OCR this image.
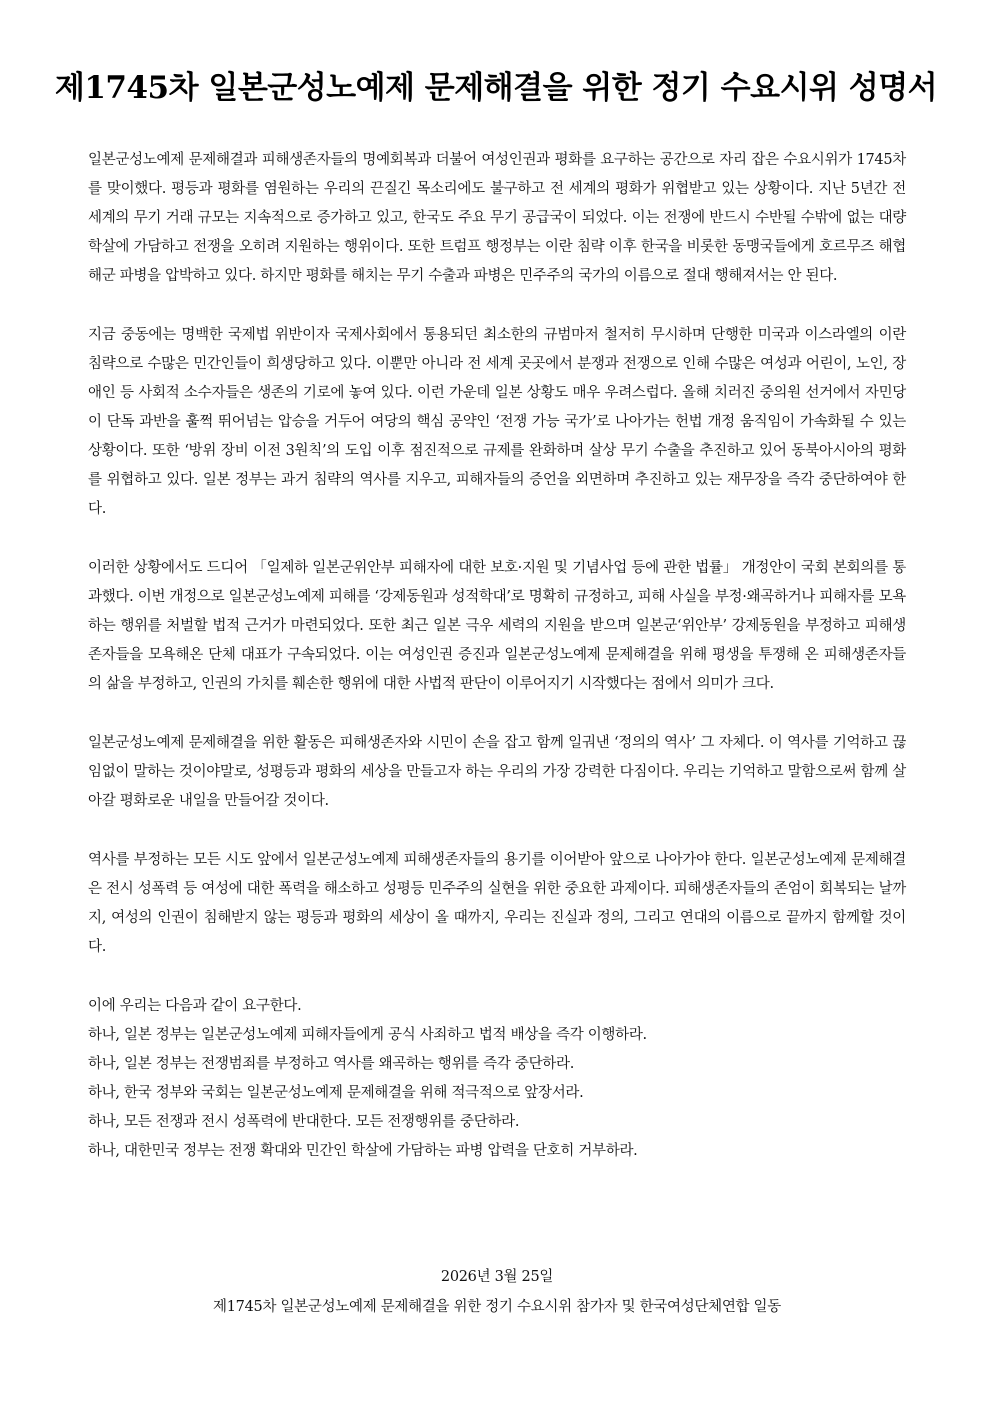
제1745차 일본군성노예제 문제해결을 위한 정기 수요시위 성명서

일본군성노예제 문제해결과 피해생존자들의 명예회복과 더불어 여성인권과 평화를 요구하는 공간으로 자리 잡은 수요시위가 1745차를 맞이했다. 평등과 평화를 염원하는 우리의 끈질긴 목소리에도 불구하고 전 세계의 평화가 위협받고 있는 상황이다. 지난 5년간 전 세계의 무기 거래 규모는 지속적으로 증가하고 있고, 한국도 주요 무기 공급국이 되었다. 이는 전쟁에 반드시 수반될 수밖에 없는 대량 학살에 가담하고 전쟁을 오히려 지원하는 행위이다. 또한 트럼프 행정부는 이란 침략 이후 한국을 비롯한 동맹국들에게 호르무즈 해협 해군 파병을 압박하고 있다. 하지만 평화를 해치는 무기 수출과 파병은 민주주의 국가의 이름으로 절대 행해져서는 안 된다.

지금 중동에는 명백한 국제법 위반이자 국제사회에서 통용되던 최소한의 규범마저 철저히 무시하며 단행한 미국과 이스라엘의 이란 침략으로 수많은 민간인들이 희생당하고 있다. 이뿐만 아니라 전 세계 곳곳에서 분쟁과 전쟁으로 인해 수많은 여성과 어린이, 노인, 장애인 등 사회적 소수자들은 생존의 기로에 놓여 있다. 이런 가운데 일본 상황도 매우 우려스럽다. 올해 치러진 중의원 선거에서 자민당이 단독 과반을 훌쩍 뛰어넘는 압승을 거두어 여당의 핵심 공약인 ‘전쟁 가능 국가’로 나아가는 헌법 개정 움직임이 가속화될 수 있는 상황이다. 또한 ‘방위 장비 이전 3원칙’의 도입 이후 점진적으로 규제를 완화하며 살상 무기 수출을 추진하고 있어 동북아시아의 평화를 위협하고 있다. 일본 정부는 과거 침략의 역사를 지우고, 피해자들의 증언을 외면하며 추진하고 있는 재무장을 즉각 중단하여야 한다.

이러한 상황에서도 드디어 「일제하 일본군위안부 피해자에 대한 보호·지원 및 기념사업 등에 관한 법률」 개정안이 국회 본회의를 통과했다. 이번 개정으로 일본군성노예제 피해를 ‘강제동원과 성적학대’로 명확히 규정하고, 피해 사실을 부정·왜곡하거나 피해자를 모욕하는 행위를 처벌할 법적 근거가 마련되었다. 또한 최근 일본 극우 세력의 지원을 받으며 일본군‘위안부’ 강제동원을 부정하고 피해생존자들을 모욕해온 단체 대표가 구속되었다. 이는 여성인권 증진과 일본군성노예제 문제해결을 위해 평생을 투쟁해 온 피해생존자들의 삶을 부정하고, 인권의 가치를 훼손한 행위에 대한 사법적 판단이 이루어지기 시작했다는 점에서 의미가 크다.

일본군성노예제 문제해결을 위한 활동은 피해생존자와 시민이 손을 잡고 함께 일궈낸 ‘정의의 역사’ 그 자체다. 이 역사를 기억하고 끊임없이 말하는 것이야말로, 성평등과 평화의 세상을 만들고자 하는 우리의 가장 강력한 다짐이다. 우리는 기억하고 말함으로써 함께 살아갈 평화로운 내일을 만들어갈 것이다.

역사를 부정하는 모든 시도 앞에서 일본군성노예제 피해생존자들의 용기를 이어받아 앞으로 나아가야 한다. 일본군성노예제 문제해결은 전시 성폭력 등 여성에 대한 폭력을 해소하고 성평등 민주주의 실현을 위한 중요한 과제이다. 피해생존자들의 존엄이 회복되는 날까지, 여성의 인권이 침해받지 않는 평등과 평화의 세상이 올 때까지, 우리는 진실과 정의, 그리고 연대의 이름으로 끝까지 함께할 것이다.

이에 우리는 다음과 같이 요구한다.
하나, 일본 정부는 일본군성노예제 피해자들에게 공식 사죄하고 법적 배상을 즉각 이행하라.
하나, 일본 정부는 전쟁범죄를 부정하고 역사를 왜곡하는 행위를 즉각 중단하라.
하나, 한국 정부와 국회는 일본군성노예제 문제해결을 위해 적극적으로 앞장서라.
하나, 모든 전쟁과 전시 성폭력에 반대한다. 모든 전쟁행위를 중단하라.
하나, 대한민국 정부는 전쟁 확대와 민간인 학살에 가담하는 파병 압력을 단호히 거부하라.
2026년 3월 25일
제1745차 일본군성노예제 문제해결을 위한 정기 수요시위 참가자 및 한국여성단체연합 일동
